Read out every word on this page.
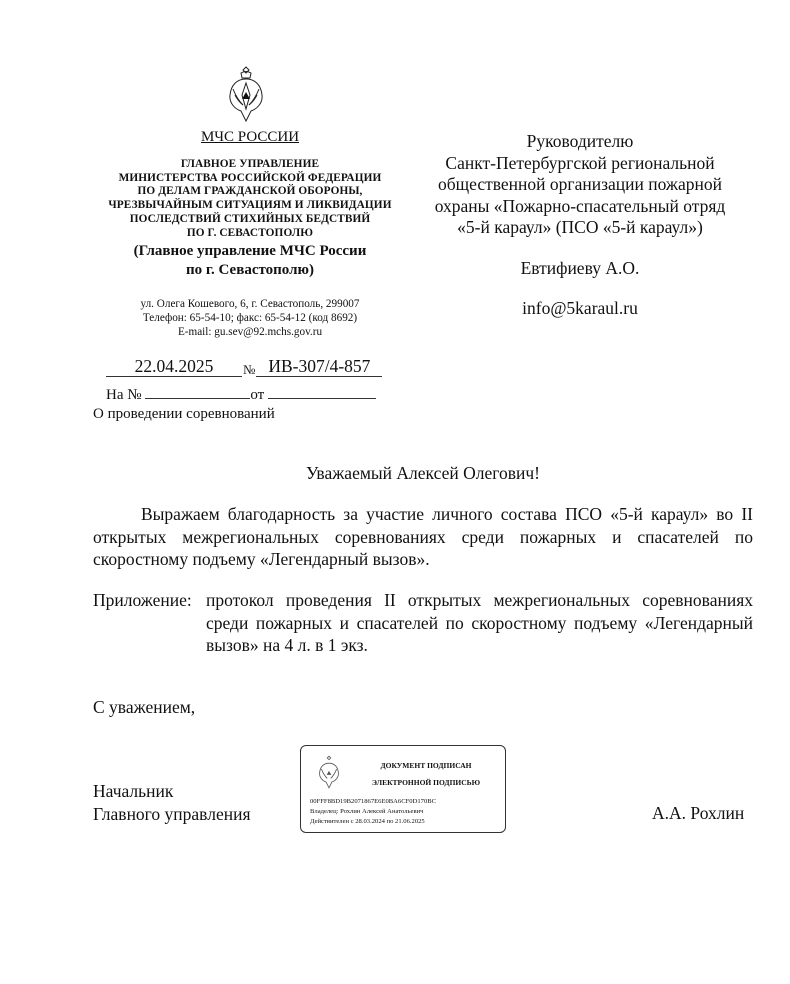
МЧС РОССИИ
ГЛАВНОЕ УПРАВЛЕНИЕ
МИНИСТЕРСТВА РОССИЙСКОЙ ФЕДЕРАЦИИ
ПО ДЕЛАМ ГРАЖДАНСКОЙ ОБОРОНЫ,
ЧРЕЗВЫЧАЙНЫМ СИТУАЦИЯМ И ЛИКВИДАЦИИ
ПОСЛЕДСТВИЙ СТИХИЙНЫХ БЕДСТВИЙ
ПО Г. СЕВАСТОПОЛЮ
(Главное управление МЧС России
по г. Севастополю)
ул. Олега Кошевого, 6, г. Севастополь, 299007
Телефон: 65-54-10; факс: 65-54-12 (код 8692)
E-mail: gu.sev@92.mchs.gov.ru
Руководителю
Санкт-Петербургской региональной
общественной организации пожарной
охраны «Пожарно-спасательный отряд
«5-й караул» (ПСО «5-й караул»)
Евтифиеву А.О.
info@5karaul.ru
22.04.2025 № ИВ-307/4-857
На №	от
О проведении соревнований
Уважаемый Алексей Олегович!

Выражаем благодарность за участие личного состава ПСО «5-й караул» во II открытых межрегиональных соревнованиях среди пожарных и спасателей по скоростному подъему «Легендарный вызов».

Приложение: протокол проведения II открытых межрегиональных соревнованиях среди пожарных и спасателей по скоростному подъему «Легендарный вызов» на 4 л. в 1 экз.
С уважением,
Начальник
Главного управления
ДОКУМЕНТ ПОДПИСАН
ЭЛЕКТРОННОЙ ПОДПИСЬЮ
00FFF8BD19B2071867E6E0BA6CF0D170BC
Владелец: Рохлин Алексей Анатольевич
Действителен с 28.03.2024 по 21.06.2025	А.А. Рохлин
